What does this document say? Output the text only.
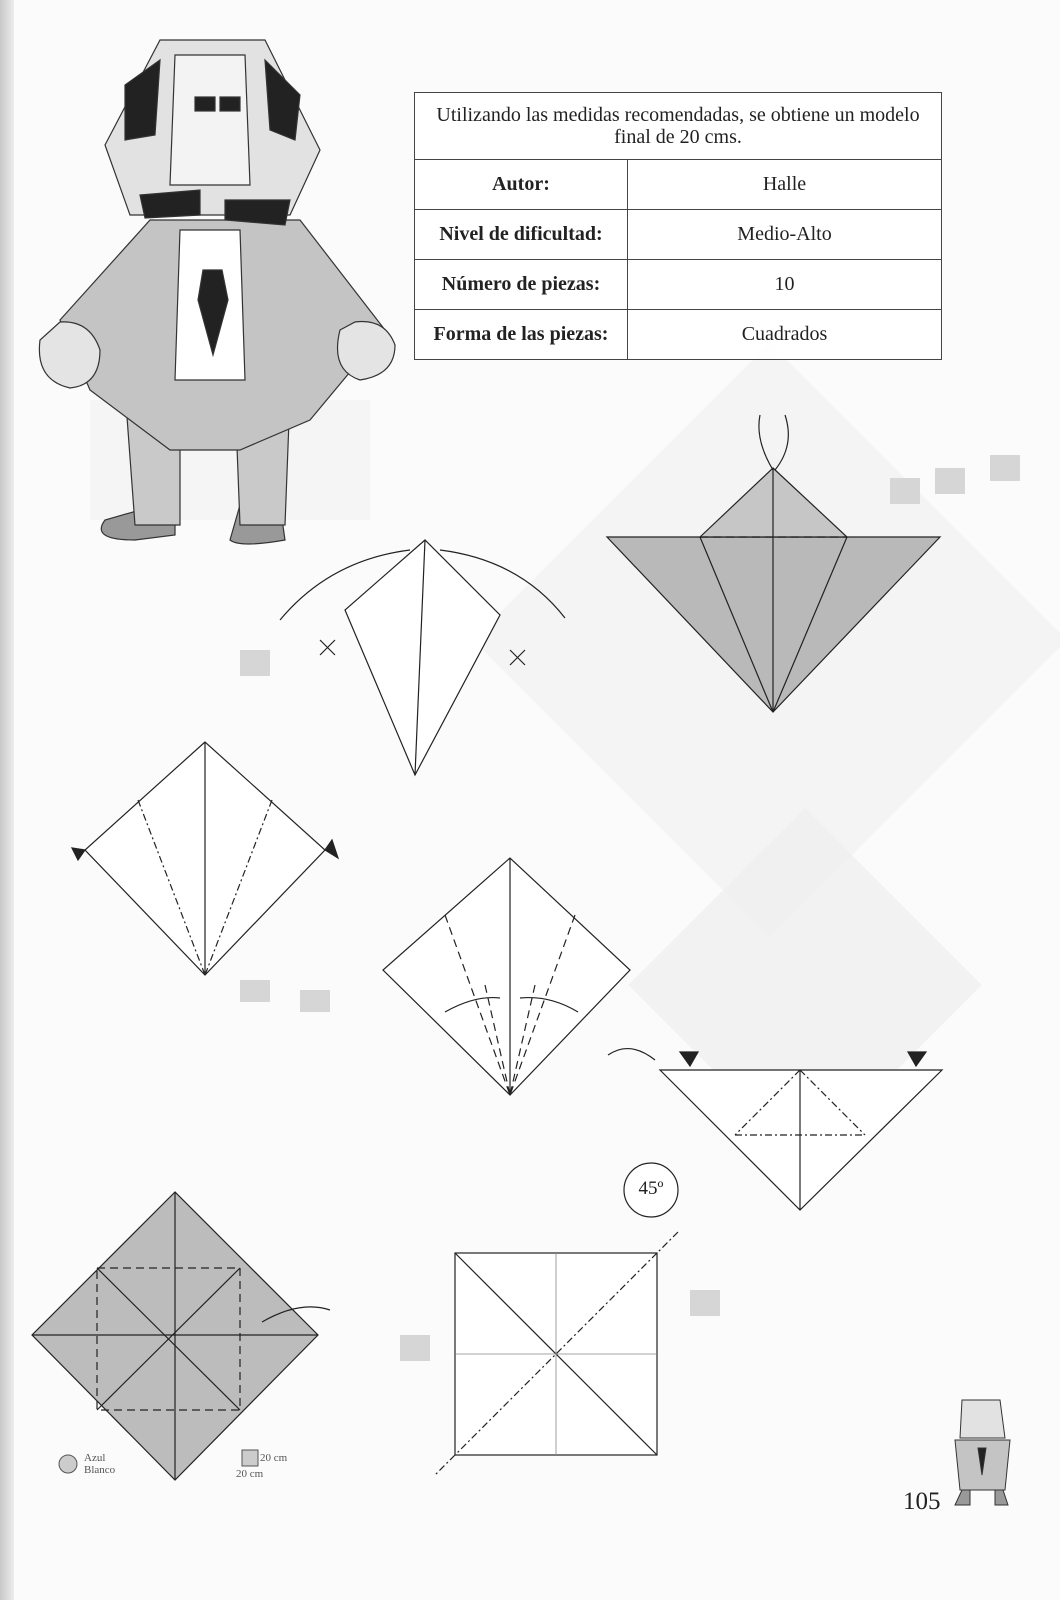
Utilizando las medidas recomendadas, se obtiene un modelo final de 20 cms.	
Autor:	Halle
Nivel de dificultad:	Medio-Alto
Número de piezas:	10
Forma de las piezas:	Cuadrados
45º
Azul
Blanco
20 cm
20 cm
105
